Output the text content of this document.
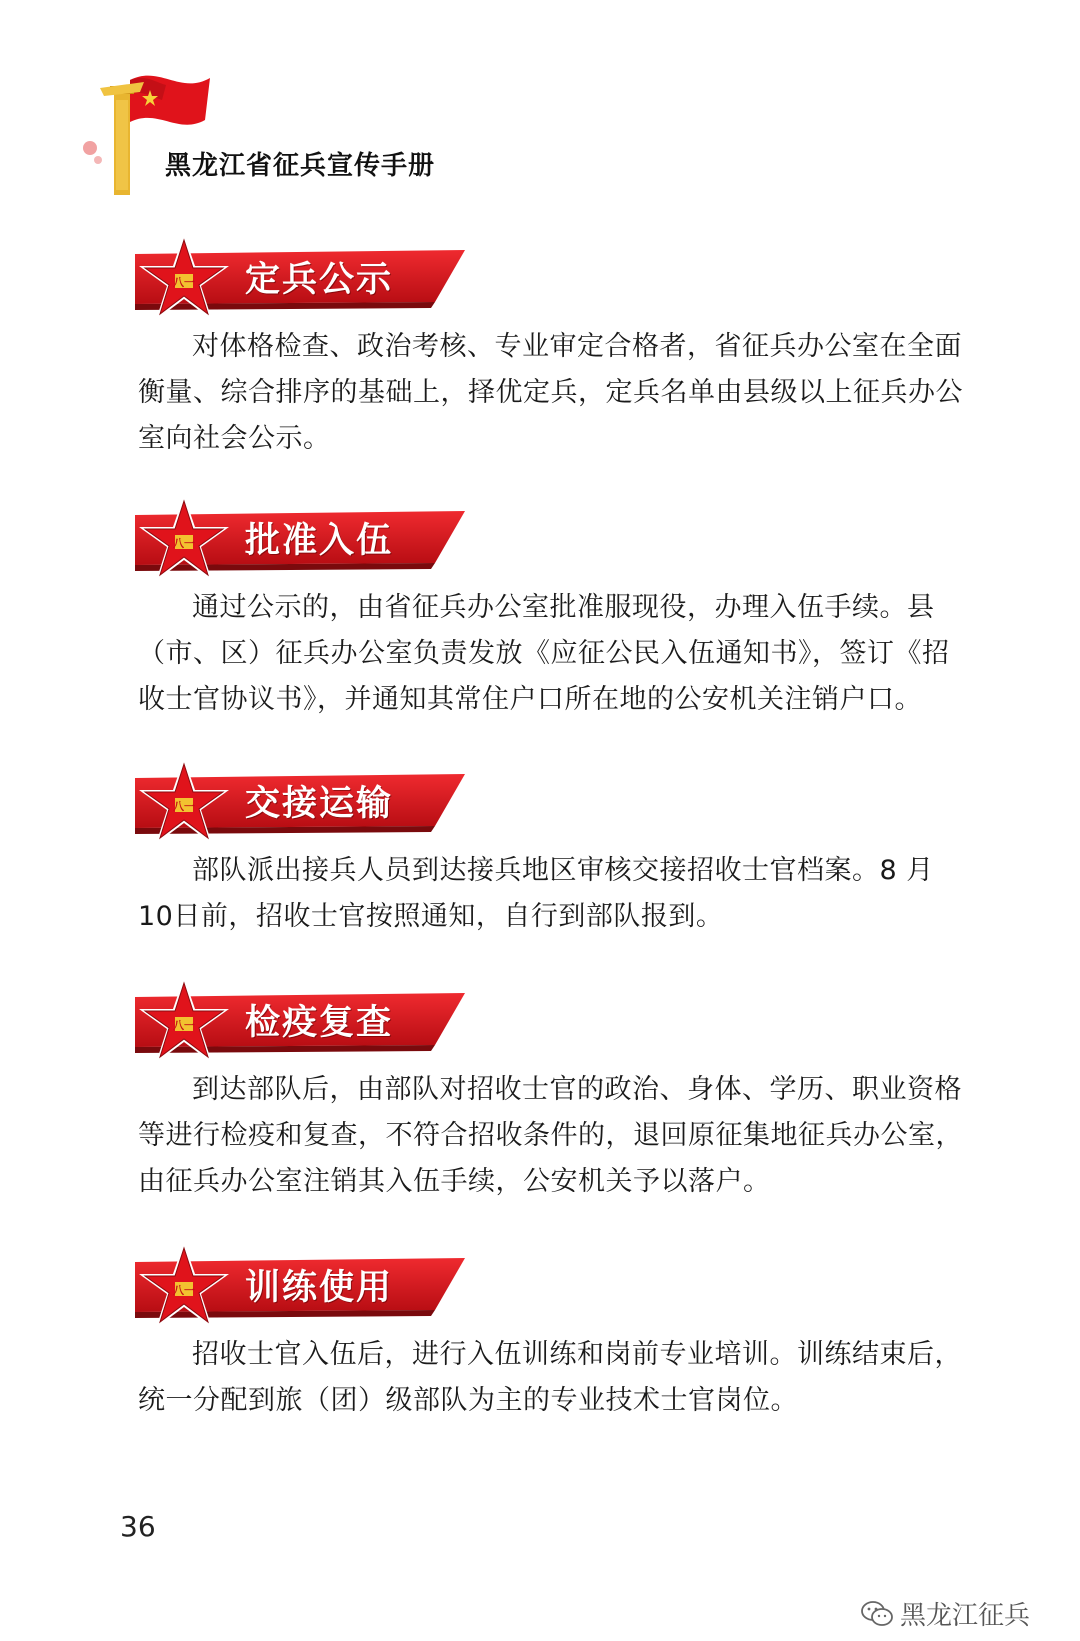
黑龙江省征兵宣传手册
八一 定兵公示

对体格检查、政治考核、专业审定合格者，省征兵办公室在全面衡量、综合排序的基础上，择优定兵，定兵名单由县级以上征兵办公室向社会公示。

八一 批准入伍

通过公示的，由省征兵办公室批准服现役，办理入伍手续。县（市、区）征兵办公室负责发放《应征公民入伍通知书》，签订《招收士官协议书》，并通知其常住户口所在地的公安机关注销户口。

八一 交接运输

部队派出接兵人员到达接兵地区审核交接招收士官档案。8 月 10日前，招收士官按照通知，自行到部队报到。

八一 检疫复查

到达部队后，由部队对招收士官的政治、身体、学历、职业资格等进行检疫和复查，不符合招收条件的，退回原征集地征兵办公室，由征兵办公室注销其入伍手续，公安机关予以落户。

八一 训练使用

招收士官入伍后，进行入伍训练和岗前专业培训。训练结束后，统一分配到旅（团）级部队为主的专业技术士官岗位。

36
黑龙江征兵
